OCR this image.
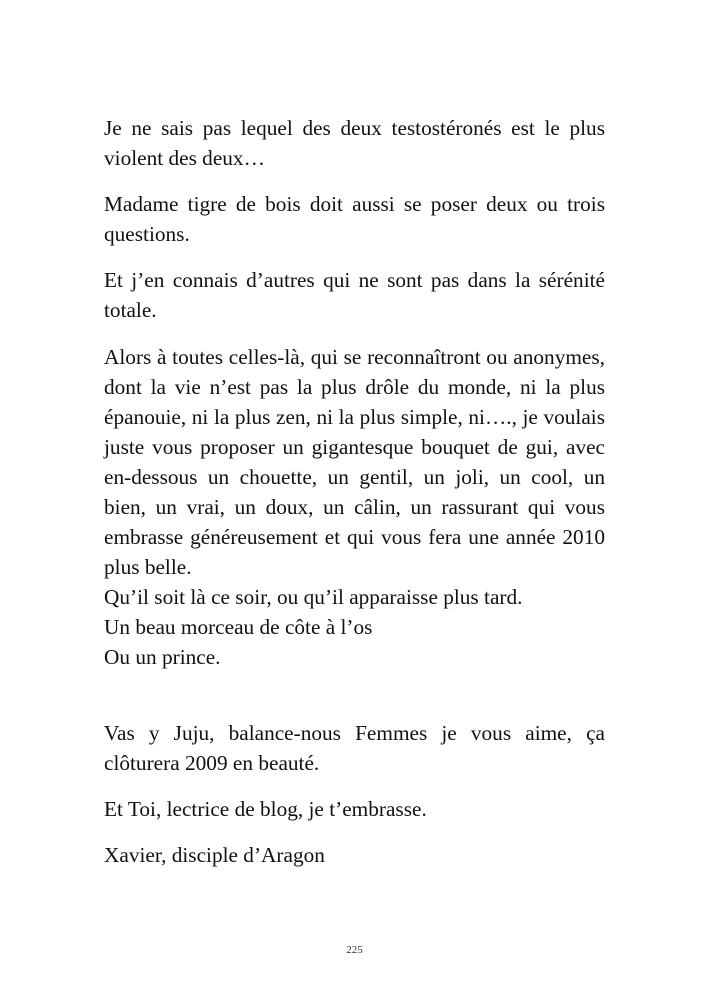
Je ne sais pas lequel des deux testostéronés est le plus violent des deux…

Madame tigre de bois doit aussi se poser deux ou trois questions.

Et j’en connais d’autres qui ne sont pas dans la sérénité totale.

Alors à toutes celles-là, qui se reconnaîtront ou anonymes, dont la vie n’est pas la plus drôle du monde, ni la plus épanouie, ni la plus zen, ni la plus simple, ni…., je voulais juste vous proposer un gigantesque bouquet de gui, avec en-dessous un chouette, un gentil, un joli, un cool, un bien, un vrai, un doux, un câlin, un rassurant qui vous embrasse généreusement et qui vous fera une année 2010 plus belle.
Qu’il soit là ce soir, ou qu’il apparaisse plus tard.
Un beau morceau de côte à l’os
Ou un prince.

Vas y Juju, balance-nous Femmes je vous aime, ça clôturera 2009 en beauté.

Et Toi, lectrice de blog, je t’embrasse.

Xavier, disciple d’Aragon

225
